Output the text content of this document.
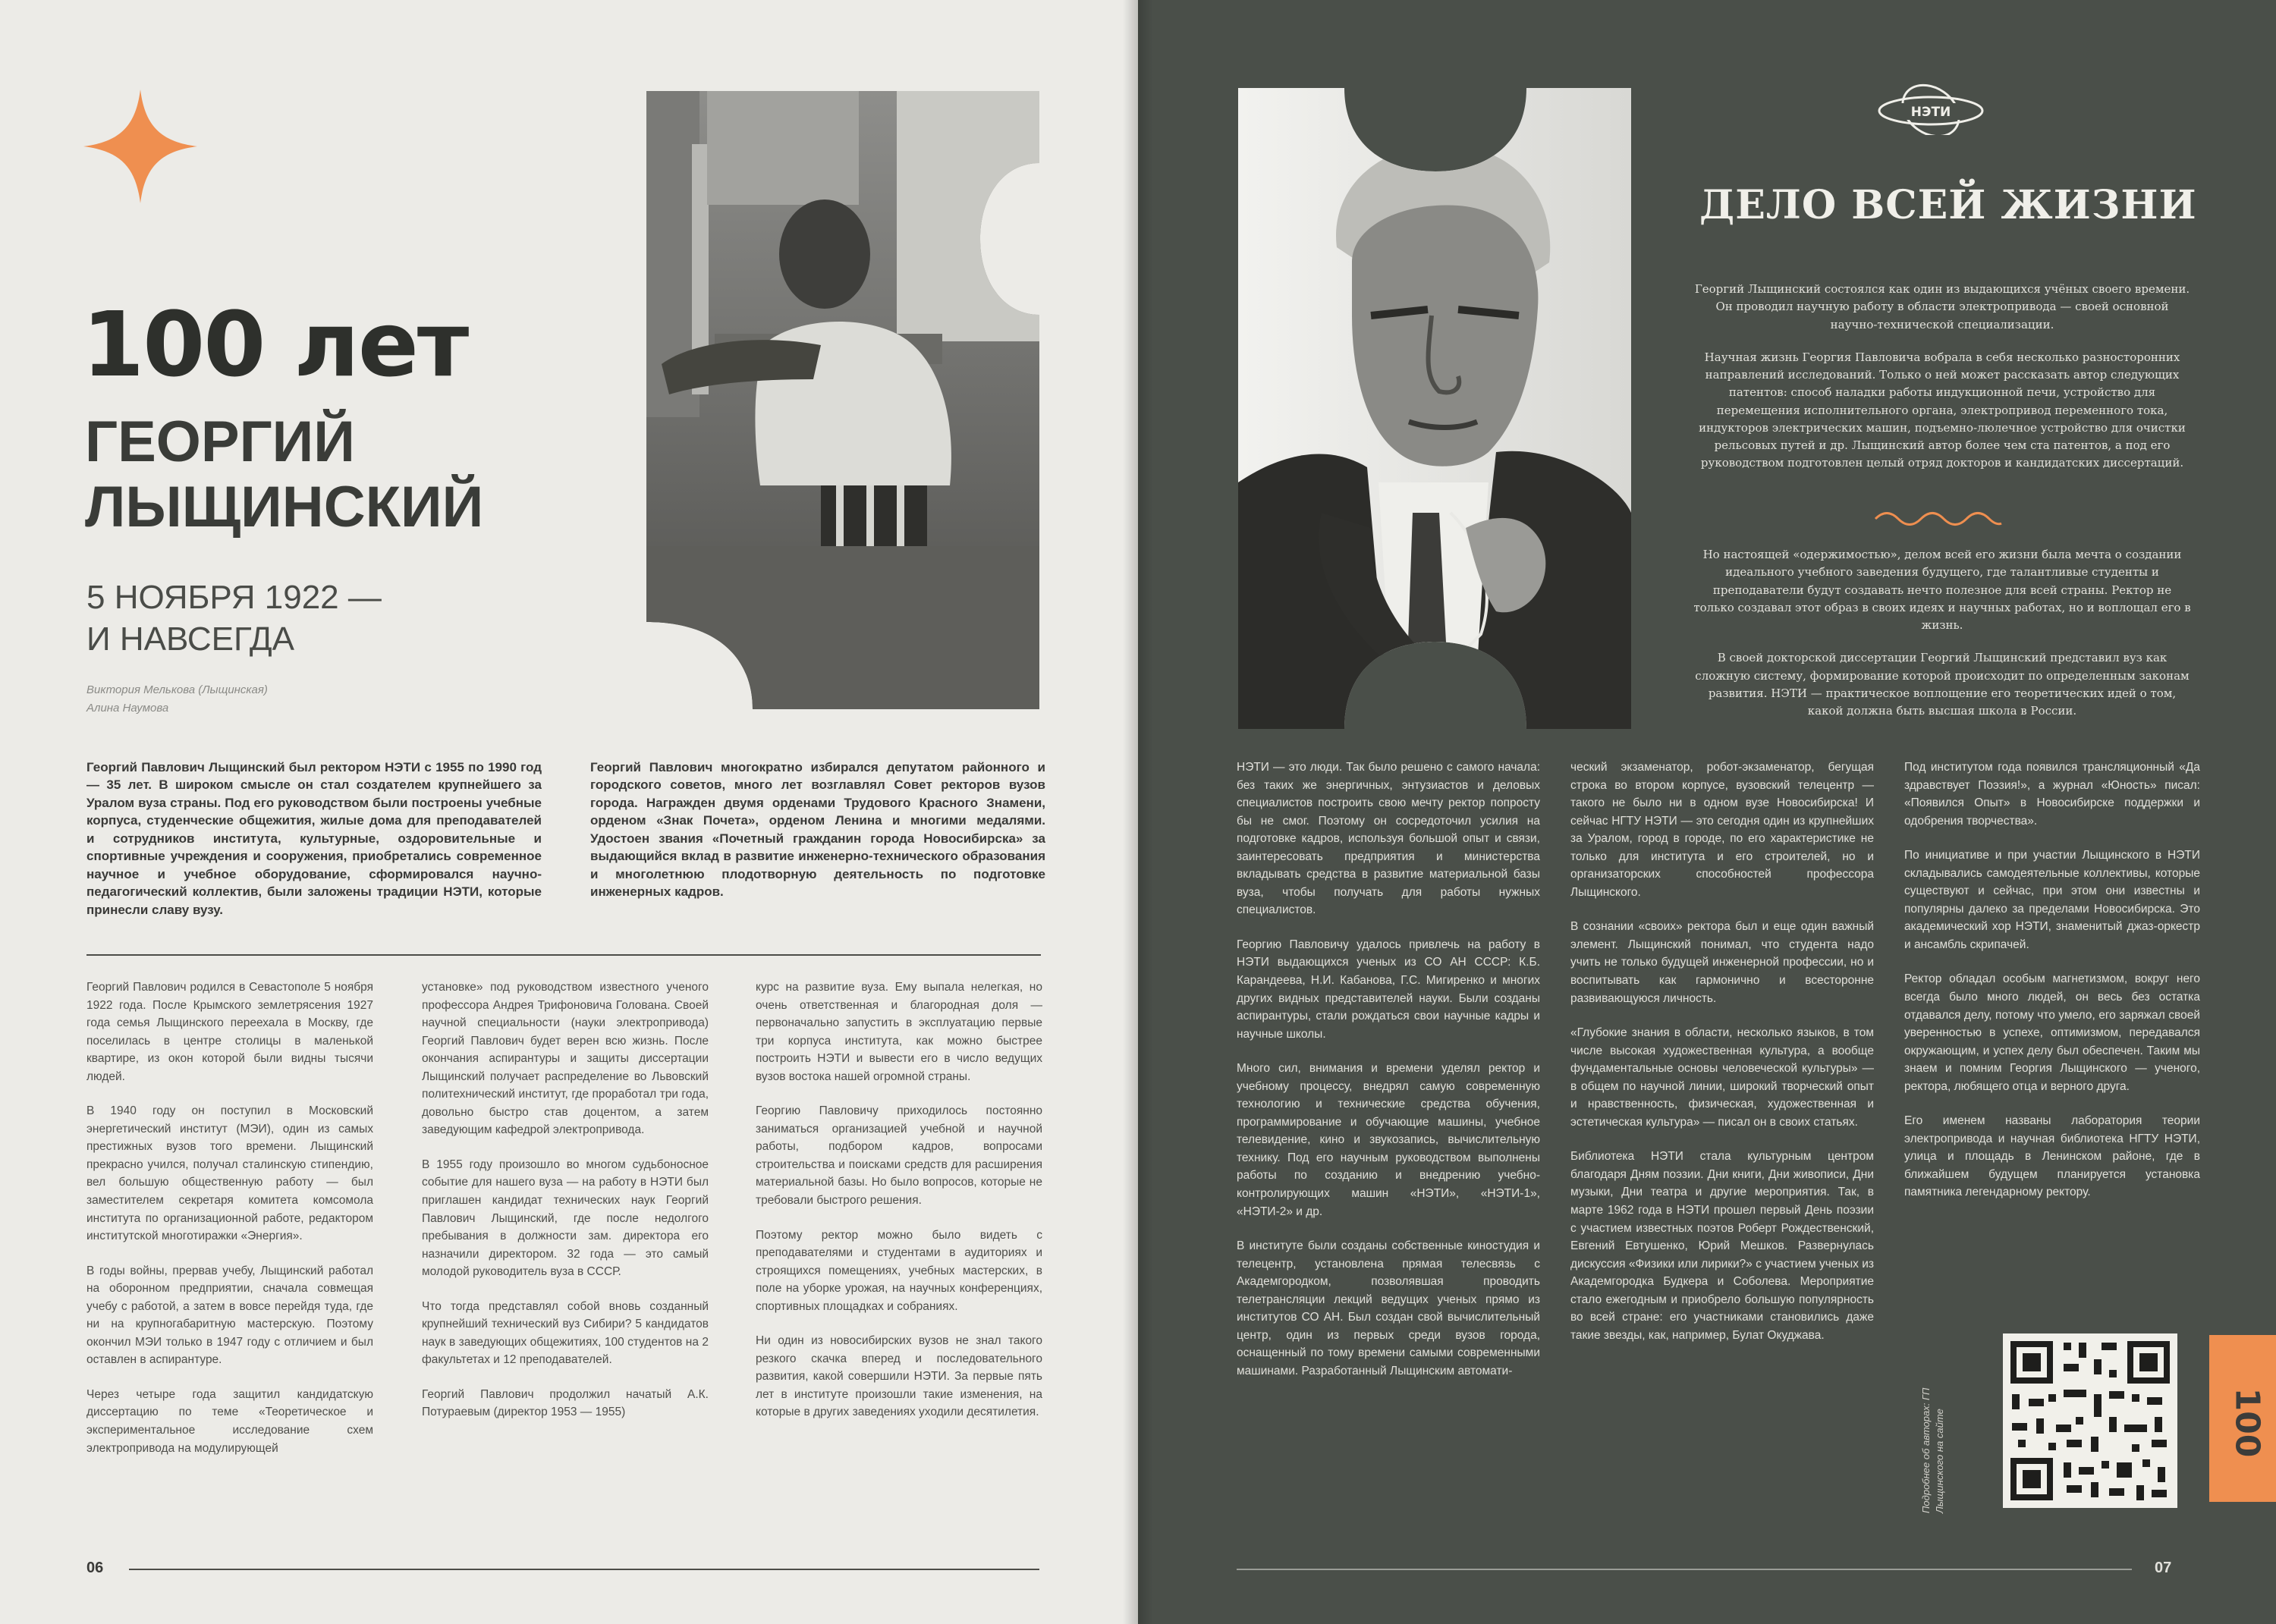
100 лет
ГЕОРГИЙ
ЛЫЩИНСКИЙ
5 НОЯБРЯ 1922 —
И НАВСЕГДА
Виктория Мелькова (Лыщинская)
Алина Наумова
Георгий Павлович Лыщинский был ректором НЭТИ с 1955 по 1990 год — 35 лет. В широком смысле он стал создателем крупнейшего за Уралом вуза страны. Под его руководством были построены учебные корпуса, студенческие общежития, жилые дома для преподавателей и сотрудников института, культурные, оздоровительные и спортивные учреждения и сооружения, приобретались современное научное и учебное оборудование, сформировался научно-педагогический коллектив, были заложены традиции НЭТИ, которые принесли славу вузу.
Георгий Павлович многократно избирался депутатом районного и городского советов, много лет возглавлял Совет ректоров вузов города. Награжден двумя орденами Трудового Красного Знамени, орденом «Знак Почета», орденом Ленина и многими медалями. Удостоен звания «Почетный гражданин города Новосибирска» за выдающийся вклад в развитие инженерно-технического образования и многолетнюю плодотворную деятельность по подготовке инженерных кадров.

Георгий Павлович родился в Севастополе 5 ноября 1922 года. После Крымского землетрясения 1927 года семья Лыщинского переехала в Москву, где поселилась в центре столицы в маленькой квартире, из окон которой были видны тысячи людей.

В 1940 году он поступил в Московский энергетический институт (МЭИ), один из самых престижных вузов того времени. Лыщинский прекрасно учился, получал сталинскую стипендию, вел большую общественную работу — был заместителем секретаря комитета комсомола института по организационной работе, редактором институтской многотиражки «Энергия».

В годы войны, прервав учебу, Лыщинский работал на оборонном предприятии, сначала совмещая учебу с работой, а затем в вовсе перейдя туда, где ни на крупногабаритную мастерскую. Поэтому окончил МЭИ только в 1947 году с отличием и был оставлен в аспирантуре.

Через четыре года защитил кандидатскую диссертацию по теме «Теоретическое и экспериментальное исследование схем электропривода на модулирующей

установке» под руководством известного ученого профессора Андрея Трифоновича Голована. Своей научной специальности (науки электропривода) Георгий Павлович будет верен всю жизнь. После окончания аспирантуры и защиты диссертации Лыщинский получает распределение во Львовский политехнический институт, где проработал три года, довольно быстро став доцентом, а затем заведующим кафедрой электропривода.

В 1955 году произошло во многом судьбоносное событие для нашего вуза — на работу в НЭТИ был приглашен кандидат технических наук Георгий Павлович Лыщинский, где после недолгого пребывания в должности зам. директора его назначили директором. 32 года — это самый молодой руководитель вуза в СССР.

Что тогда представлял собой вновь созданный крупнейший технический вуз Сибири? 5 кандидатов наук в заведующих общежитиях, 100 студентов на 2 факультетах и 12 преподавателей.

Георгий Павлович продолжил начатый А.К. Потураевым (директор 1953 — 1955)

курс на развитие вуза. Ему выпала нелегкая, но очень ответственная и благородная доля — первоначально запустить в эксплуатацию первые три корпуса института, как можно быстрее построить НЭТИ и вывести его в число ведущих вузов востока нашей огромной страны.

Георгию Павловичу приходилось постоянно заниматься организацией учебной и научной работы, подбором кадров, вопросами строительства и поисками средств для расширения материальной базы. Но было вопросов, которые не требовали быстрого решения.

Поэтому ректор можно было видеть с преподавателями и студентами в аудиториях и строящихся помещениях, учебных мастерских, в поле на уборке урожая, на научных конференциях, спортивных площадках и собраниях.

Ни один из новосибирских вузов не знал такого резкого скачка вперед и последовательного развития, какой совершили НЭТИ. За первые пять лет в институте произошли такие изменения, на которые в других заведениях уходили десятилетия.

06
НЭТИ
ДЕЛО ВСЕЙ ЖИЗНИ

Георгий Лыщинский состоялся как один из выдающихся учёных своего времени. Он проводил научную работу в области электропривода — своей основной научно-технической специализации.

Научная жизнь Георгия Павловича вобрала в себя несколько разносторонних направлений исследований. Только о ней может рассказать автор следующих патентов: способ наладки работы индукционной печи, устройство для перемещения исполнительного органа, электропривод переменного тока, индукторов электрических машин, подъемно-люлечное устройство для очистки рельсовых путей и др. Лыщинский автор более чем ста патентов, а под его руководством подготовлен целый отряд докторов и кандидатских диссертаций.

Но настоящей «одержимостью», делом всей его жизни была мечта о создании идеального учебного заведения будущего, где талантливые студенты и преподаватели будут создавать нечто полезное для всей страны. Ректор не только создавал этот образ в своих идеях и научных работах, но и воплощал его в жизнь.

В своей докторской диссертации Георгий Лыщинский представил вуз как сложную систему, формирование которой происходит по определенным законам развития. НЭТИ — практическое воплощение его теоретических идей о том, какой должна быть высшая школа в России.

НЭТИ — это люди. Так было решено с самого начала: без таких же энергичных, энтузиастов и деловых специалистов построить свою мечту ректор попросту бы не смог. Поэтому он сосредоточил усилия на подготовке кадров, используя большой опыт и связи, заинтересовать предприятия и министерства вкладывать средства в развитие материальной базы вуза, чтобы получать для работы нужных специалистов.

Георгию Павловичу удалось привлечь на работу в НЭТИ выдающихся ученых из СО АН СССР: К.Б. Карандеева, Н.И. Кабанова, Г.С. Мигиренко и многих других видных представителей науки. Были созданы аспирантуры, стали рождаться свои научные кадры и научные школы.

Много сил, внимания и времени уделял ректор и учебному процессу, внедрял самую современную технологию и технические средства обучения, программирование и обучающие машины, учебное телевидение, кино и звукозапись, вычислительную технику. Под его научным руководством выполнены работы по созданию и внедрению учебно-контролирующих машин «НЭТИ», «НЭТИ-1», «НЭТИ-2» и др.

В институте были созданы собственные киностудия и телецентр, установлена прямая телесвязь с Академгородком, позволявшая проводить телетрансляции лекций ведущих ученых прямо из институтов СО АН. Был создан свой вычислительный центр, один из первых среди вузов города, оснащенный по тому времени самыми современными машинами. Разработанный Лыщинским автомати-

ческий экзаменатор, робот-экзаменатор, бегущая строка во втором корпусе, вузовский телецентр — такого не было ни в одном вузе Новосибирска! И сейчас НГТУ НЭТИ — это сегодня один из крупнейших за Уралом, город в городе, по его характеристике не только для института и его строителей, но и организаторских способностей профессора Лыщинского.

В сознании «своих» ректора был и еще один важный элемент. Лыщинский понимал, что студента надо учить не только будущей инженерной профессии, но и воспитывать как гармонично и всесторонне развивающуюся личность.

«Глубокие знания в области, несколько языков, в том числе высокая художественная культура, а вообще фундаментальные основы человеческой культуры» — в общем по научной линии, широкий творческий опыт и нравственность, физическая, художественная и эстетическая культура» — писал он в своих статьях.

Библиотека НЭТИ стала культурным центром благодаря Дням поэзии. Дни книги, Дни живописи, Дни музыки, Дни театра и другие мероприятия. Так, в марте 1962 года в НЭТИ прошел первый День поэзии с участием известных поэтов Роберт Рождественский, Евгений Евтушенко, Юрий Мешков. Развернулась дискуссия «Физики или лирики?» с участием ученых из Академгородка Будкера и Соболева. Мероприятие стало ежегодным и приобрело большую популярность во всей стране: его участниками становились даже такие звезды, как, например, Булат Окуджава.

Под институтом года появился трансляционный «Да здравствует Поэзия!», а журнал «Юность» писал: «Появился Опыт» в Новосибирске поддержки и одобрения творчества».

По инициативе и при участии Лыщинского в НЭТИ складывались самодеятельные коллективы, которые существуют и сейчас, при этом они известны и популярны далеко за пределами Новосибирска. Это академический хор НЭТИ, знаменитый джаз-оркестр и ансамбль скрипачей.

Ректор обладал особым магнетизмом, вокруг него всегда было много людей, он весь без остатка отдавался делу, потому что умело, его заряжал своей уверенностью в успехе, оптимизмом, передавался окружающим, и успех делу был обеспечен. Таким мы знаем и помним Георгия Лыщинского — ученого, ректора, любящего отца и верного друга.

Его именем названы лаборатория теории электропривода и научная библиотека НГТУ НЭТИ, улица и площадь в Ленинском районе, где в ближайшем будущем планируется установка памятника легендарному ректору.

Подробнее об авторах: ГП Лыщинского на сайте	100
07
